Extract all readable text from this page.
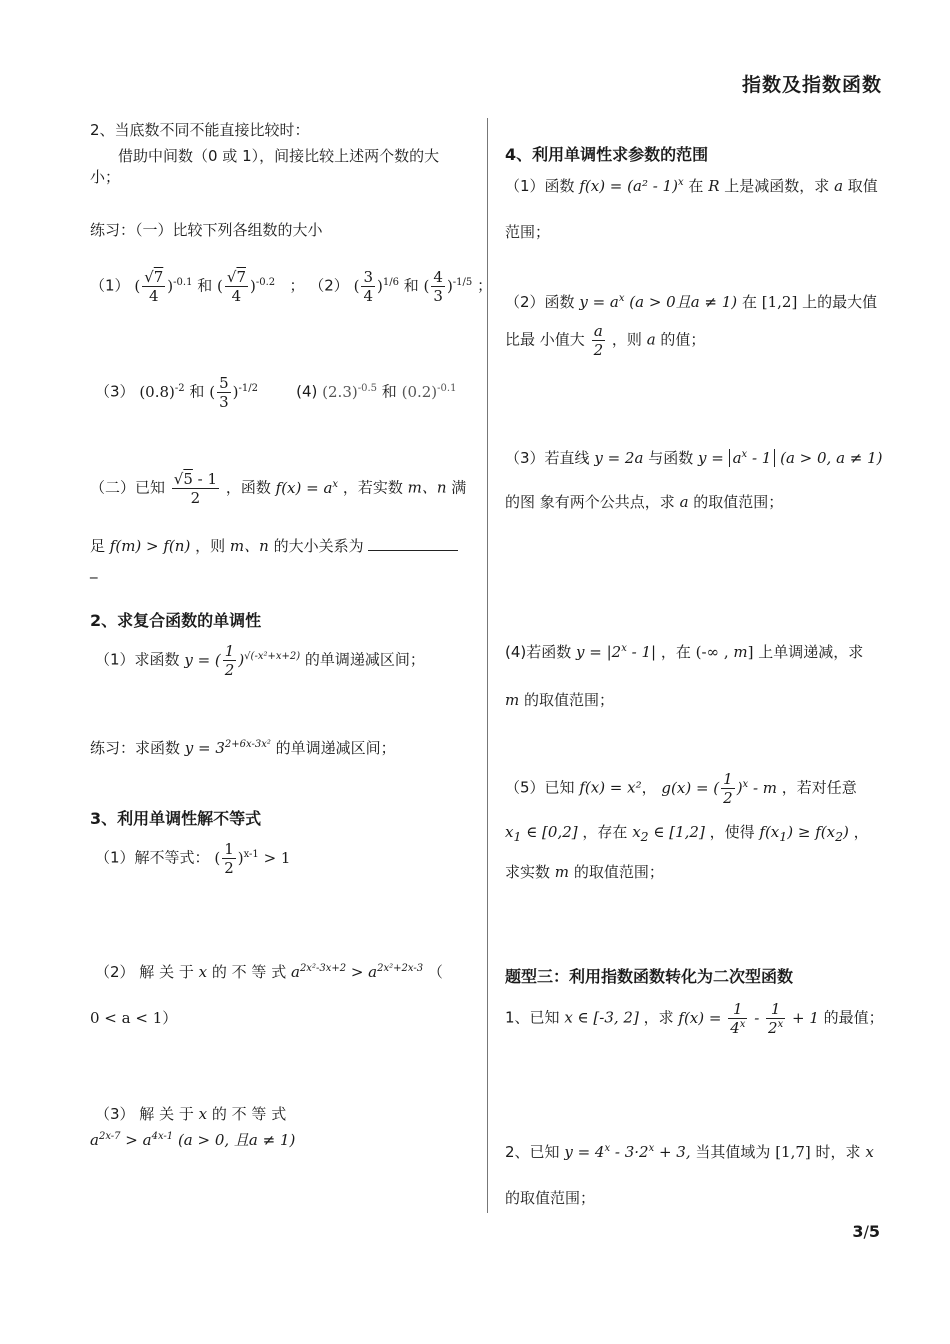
指数及指数函数
2、当底数不同不能直接比较时：
借助中间数（0 或 1），间接比较上述两个数的大小；
练习：（一）比较下列各组数的大小
（1） ( $\frac{√7}{4} )^{-0.1}$ 和 ( $\frac{√7}{4} )^{-0.2}$ ； （2） ( $\frac{3}{4} )^{1/6}$ 和 ( $\frac{4}{3} )^{-1/5}$ ；
（3） $(0.8)^{-2}$ 和 ( $\frac{5}{3} )^{-1/2}$	(4) $(2.3)^{-0.5}$ 和 $(0.2)^{-0.1}$
（二）已知 $\frac{√5 - 1}{2}$ ，函数 $f(x) = a^x$ ，若实数 m、n 满
足 f(m) > f(n) ，则 m、n 的大小关系为
_
2、求复合函数的单调性
（1）求函数 y = ( $\frac{1}{2} )^{√(-x^2+x+2)}$ 的单调递减区间；
练习：求函数 $y = 3^{2+6x-3x^2}$ 的单调递减区间；
3、利用单调性解不等式
（1）解不等式： ( $\frac{1}{2} )^{x-1} > 1$
（2） 解 关 于 x 的 不 等 式 $a^{2x^2-3x+2} > a^{2x^2+2x-3}$ （
0 < a < 1）
（3） 解 关 于 x 的 不 等 式
$a^{2x-7} > a^{4x-1}$ (a > 0, 且a ≠ 1)
4、利用单调性求参数的范围
（1）函数 f(x) = (a² - 1)$^x$ 在 R 上是减函数，求 a 取值
范围；
（2）函数 $y = a^x$ (a > 0且a ≠ 1) 在 [1,2] 上的最大值
比最 小值大 $\frac{a}{2}$ ，则 a 的值；
（3）若直线 y = 2a 与函数 $y = a^x - 1$ (a > 0, a ≠ 1)
的图 象有两个公共点，求 a 的取值范围；
(4)若函数 $y = |2^x - 1|$ ，在 (-∞ , m] 上单调递减，求
m 的取值范围；
（5）已知 f(x) = x²， g(x) = ( $\frac{1}{2} )^x$ - m ，若对任意
$x_1$ ∈ [0,2] ，存在 $x_2$ ∈ [1,2] ，使得 $f(x_1) \ge f(x_2)$ ，
求实数 m 的取值范围；
题型三：利用指数函数转化为二次型函数
1、已知 x ∈ [-3, 2] ，求 $f(x) = \frac{1}{4^x} - \frac{1}{2^x} + 1$ 的最值；
2、已知 $y = 4^x - 3\cdot 2^x + 3$, 当其值域为 [1,7] 时，求 x
的取值范围；
3/5
